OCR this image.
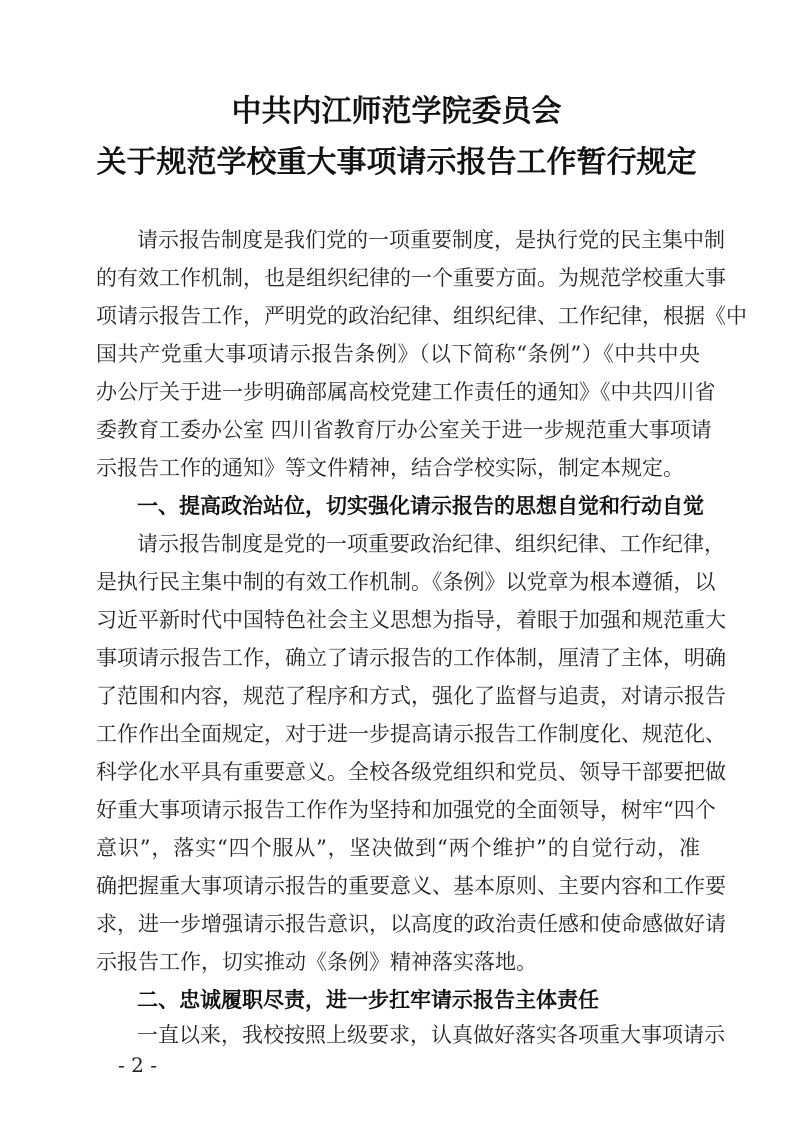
中共内江师范学院委员会
关于规范学校重大事项请示报告工作暂行规定
请示报告制度是我们党的一项重要制度，是执行党的民主集中制
的有效工作机制，也是组织纪律的一个重要方面。为规范学校重大事
项请示报告工作，严明党的政治纪律、组织纪律、工作纪律，根据《中
国共产党重大事项请示报告条例》（以下简称“条例”）《中共中央
办公厅关于进一步明确部属高校党建工作责任的通知》《中共四川省
委教育工委办公室 四川省教育厅办公室关于进一步规范重大事项请
示报告工作的通知》等文件精神，结合学校实际，制定本规定。
一、提高政治站位，切实强化请示报告的思想自觉和行动自觉
请示报告制度是党的一项重要政治纪律、组织纪律、工作纪律，
是执行民主集中制的有效工作机制。《条例》以党章为根本遵循，以
习近平新时代中国特色社会主义思想为指导，着眼于加强和规范重大
事项请示报告工作，确立了请示报告的工作体制，厘清了主体，明确
了范围和内容，规范了程序和方式，强化了监督与追责，对请示报告
工作作出全面规定，对于进一步提高请示报告工作制度化、规范化、
科学化水平具有重要意义。全校各级党组织和党员、领导干部要把做
好重大事项请示报告工作作为坚持和加强党的全面领导，树牢“四个
意识”，落实“四个服从”，坚决做到“两个维护”的自觉行动，准
确把握重大事项请示报告的重要意义、基本原则、主要内容和工作要
求，进一步增强请示报告意识，以高度的政治责任感和使命感做好请
示报告工作，切实推动《条例》精神落实落地。
二、忠诚履职尽责，进一步扛牢请示报告主体责任
一直以来，我校按照上级要求，认真做好落实各项重大事项请示
- 2 -
